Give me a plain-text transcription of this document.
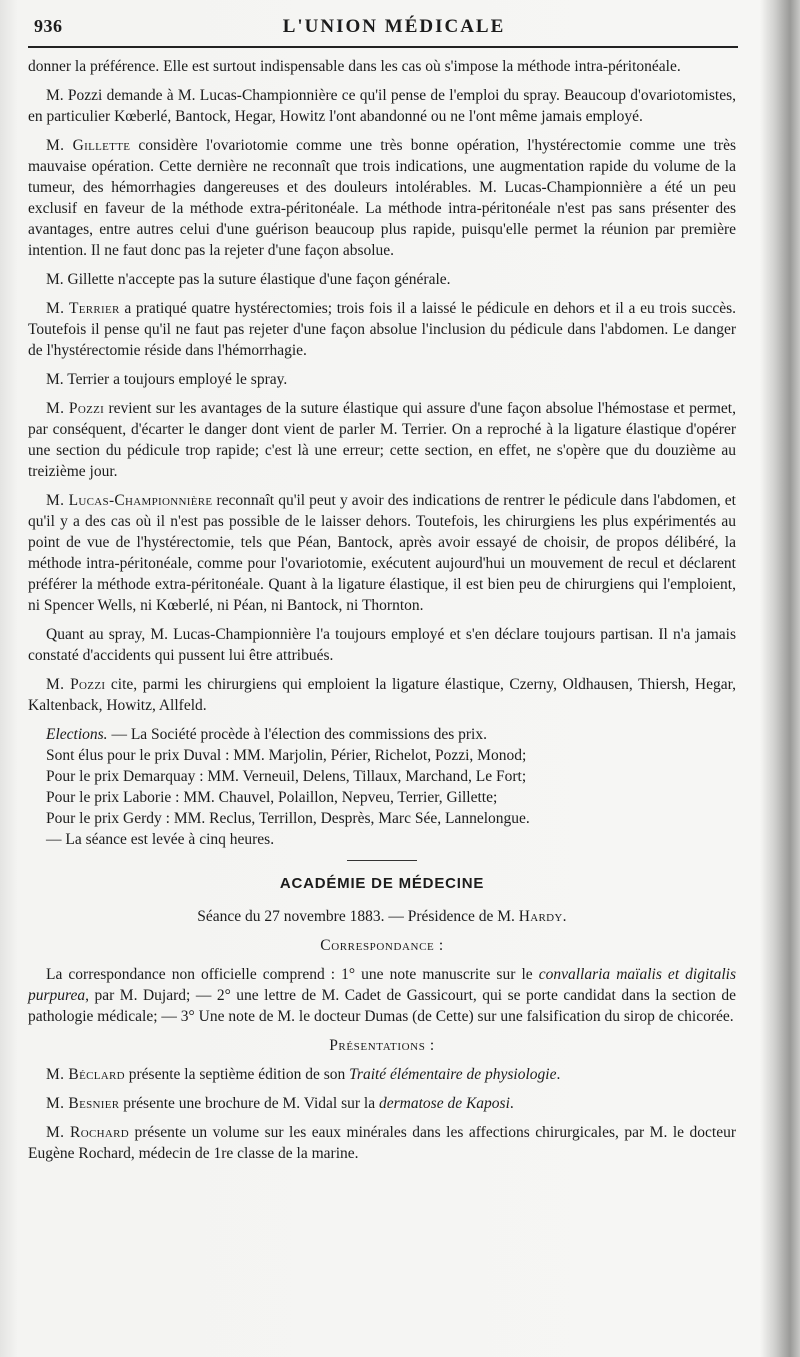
936	L'UNION MÉDICALE

donner la préférence. Elle est surtout indispensable dans les cas où s'impose la méthode intra-péritonéale.

M. Pozzi demande à M. Lucas-Championnière ce qu'il pense de l'emploi du spray. Beaucoup d'ovariotomistes, en particulier Kœberlé, Bantock, Hegar, Howitz l'ont abandonné ou ne l'ont même jamais employé.

M. Gillette considère l'ovariotomie comme une très bonne opération, l'hystérectomie comme une très mauvaise opération. Cette dernière ne reconnaît que trois indications, une augmentation rapide du volume de la tumeur, des hémorrhagies dangereuses et des douleurs intolérables. M. Lucas-Championnière a été un peu exclusif en faveur de la méthode extra-péritonéale. La méthode intra-péritonéale n'est pas sans présenter des avantages, entre autres celui d'une guérison beaucoup plus rapide, puisqu'elle permet la réunion par première intention. Il ne faut donc pas la rejeter d'une façon absolue.

M. Gillette n'accepte pas la suture élastique d'une façon générale.

M. Terrier a pratiqué quatre hystérectomies; trois fois il a laissé le pédicule en dehors et il a eu trois succès. Toutefois il pense qu'il ne faut pas rejeter d'une façon absolue l'inclusion du pédicule dans l'abdomen. Le danger de l'hystérectomie réside dans l'hémorrhagie.

M. Terrier a toujours employé le spray.

M. Pozzi revient sur les avantages de la suture élastique qui assure d'une façon absolue l'hémostase et permet, par conséquent, d'écarter le danger dont vient de parler M. Terrier. On a reproché à la ligature élastique d'opérer une section du pédicule trop rapide; c'est là une erreur; cette section, en effet, ne s'opère que du douzième au treizième jour.

M. Lucas-Championnière reconnaît qu'il peut y avoir des indications de rentrer le pédicule dans l'abdomen, et qu'il y a des cas où il n'est pas possible de le laisser dehors. Toutefois, les chirurgiens les plus expérimentés au point de vue de l'hystérectomie, tels que Péan, Bantock, après avoir essayé de choisir, de propos délibéré, la méthode intra-péritonéale, comme pour l'ovariotomie, exécutent aujourd'hui un mouvement de recul et déclarent préférer la méthode extra-péritonéale. Quant à la ligature élastique, il est bien peu de chirurgiens qui l'emploient, ni Spencer Wells, ni Kœberlé, ni Péan, ni Bantock, ni Thornton.

Quant au spray, M. Lucas-Championnière l'a toujours employé et s'en déclare toujours partisan. Il n'a jamais constaté d'accidents qui pussent lui être attribués.

M. Pozzi cite, parmi les chirurgiens qui emploient la ligature élastique, Czerny, Oldhausen, Thiersh, Hegar, Kaltenback, Howitz, Allfeld.

Elections. — La Société procède à l'élection des commissions des prix.

Sont élus pour le prix Duval : MM. Marjolin, Périer, Richelot, Pozzi, Monod;
Pour le prix Demarquay : MM. Verneuil, Delens, Tillaux, Marchand, Le Fort;
Pour le prix Laborie : MM. Chauvel, Polaillon, Nepveu, Terrier, Gillette;
Pour le prix Gerdy : MM. Reclus, Terrillon, Desprès, Marc Sée, Lannelongue.
— La séance est levée à cinq heures.
ACADÉMIE DE MÉDECINE
Séance du 27 novembre 1883. — Présidence de M. Hardy.
Correspondance :

La correspondance non officielle comprend : 1° une note manuscrite sur le convallaria maïalis et digitalis purpurea, par M. Dujard; — 2° une lettre de M. Cadet de Gassicourt, qui se porte candidat dans la section de pathologie médicale; — 3° Une note de M. le docteur Dumas (de Cette) sur une falsification du sirop de chicorée.

Présentations :

M. Béclard présente la septième édition de son Traité élémentaire de physiologie.

M. Besnier présente une brochure de M. Vidal sur la dermatose de Kaposi.

M. Rochard présente un volume sur les eaux minérales dans les affections chirurgicales, par M. le docteur Eugène Rochard, médecin de 1re classe de la marine.
